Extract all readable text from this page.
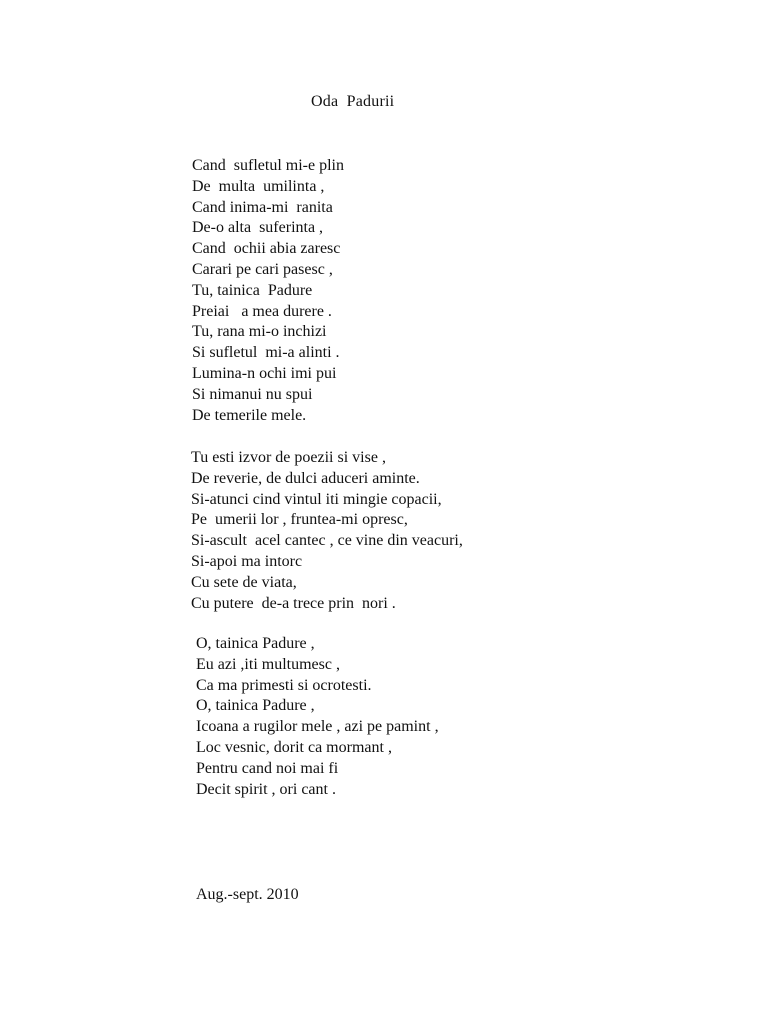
Oda  Padurii
Cand  sufletul mi-e plin
De  multa  umilinta ,
Cand inima-mi  ranita
De-o alta  suferinta ,
Cand  ochii abia zaresc
Carari pe cari pasesc ,
Tu, tainica  Padure
Preiai   a mea durere .
Tu, rana mi-o inchizi
Si sufletul  mi-a alinti .
Lumina-n ochi imi pui
Si nimanui nu spui
De temerile mele.
Tu esti izvor de poezii si vise ,
De reverie, de dulci aduceri aminte.
Si-atunci cind vintul iti mingie copacii,
Pe  umerii lor , fruntea-mi opresc,
Si-ascult  acel cantec , ce vine din veacuri,
Si-apoi ma intorc
Cu sete de viata,
Cu putere  de-a trece prin  nori .
O, tainica Padure ,
Eu azi ,iti multumesc ,
Ca ma primesti si ocrotesti.
O, tainica Padure ,
Icoana a rugilor mele , azi pe pamint ,
Loc vesnic, dorit ca mormant ,
Pentru cand noi mai fi
Decit spirit , ori cant .
Aug.-sept. 2010
